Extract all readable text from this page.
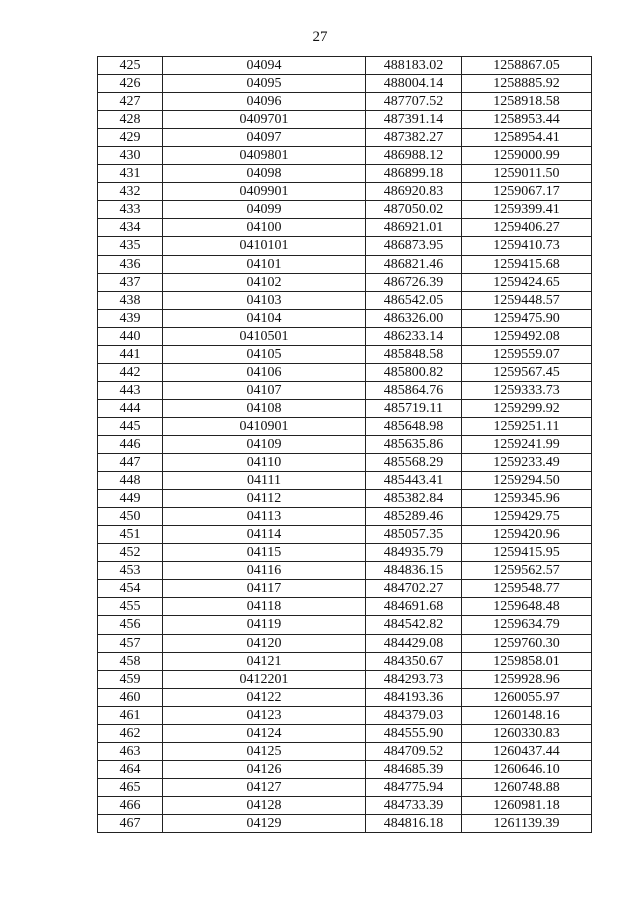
27
425	04094	488183.02	1258867.05
426	04095	488004.14	1258885.92
427	04096	487707.52	1258918.58
428	0409701	487391.14	1258953.44
429	04097	487382.27	1258954.41
430	0409801	486988.12	1259000.99
431	04098	486899.18	1259011.50
432	0409901	486920.83	1259067.17
433	04099	487050.02	1259399.41
434	04100	486921.01	1259406.27
435	0410101	486873.95	1259410.73
436	04101	486821.46	1259415.68
437	04102	486726.39	1259424.65
438	04103	486542.05	1259448.57
439	04104	486326.00	1259475.90
440	0410501	486233.14	1259492.08
441	04105	485848.58	1259559.07
442	04106	485800.82	1259567.45
443	04107	485864.76	1259333.73
444	04108	485719.11	1259299.92
445	0410901	485648.98	1259251.11
446	04109	485635.86	1259241.99
447	04110	485568.29	1259233.49
448	04111	485443.41	1259294.50
449	04112	485382.84	1259345.96
450	04113	485289.46	1259429.75
451	04114	485057.35	1259420.96
452	04115	484935.79	1259415.95
453	04116	484836.15	1259562.57
454	04117	484702.27	1259548.77
455	04118	484691.68	1259648.48
456	04119	484542.82	1259634.79
457	04120	484429.08	1259760.30
458	04121	484350.67	1259858.01
459	0412201	484293.73	1259928.96
460	04122	484193.36	1260055.97
461	04123	484379.03	1260148.16
462	04124	484555.90	1260330.83
463	04125	484709.52	1260437.44
464	04126	484685.39	1260646.10
465	04127	484775.94	1260748.88
466	04128	484733.39	1260981.18
467	04129	484816.18	1261139.39
